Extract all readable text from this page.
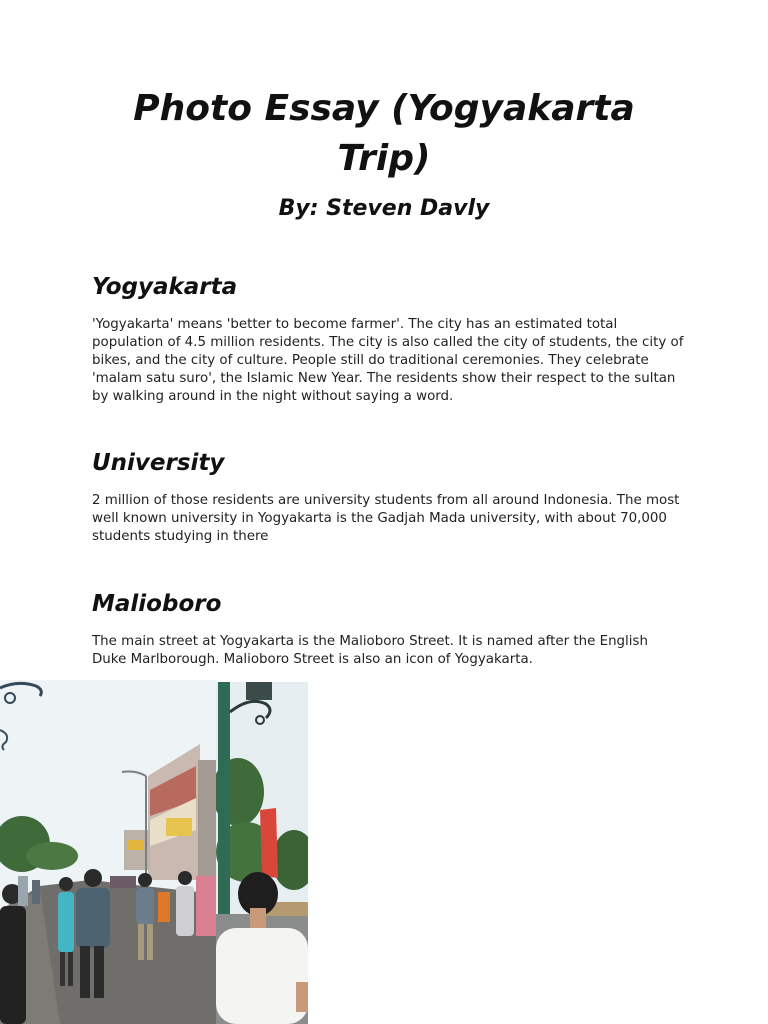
Photo Essay (Yogyakarta Trip)
By: Steven Davly
Yogyakarta

'Yogyakarta' means 'better to become farmer'. The city has an estimated total population of 4.5 million residents. The city is also called the city of students, the city of bikes, and the city of culture. People still do traditional ceremonies. They celebrate 'malam satu suro', the Islamic New Year. The residents show their respect to the sultan by walking around in the night without saying a word.

University

2 million of those residents are university students from all around Indonesia. The most well known university in Yogyakarta is the Gadjah Mada university, with about 70,000 students studying in there

Malioboro

The main street at Yogyakarta is the Malioboro Street. It is named after the English Duke Marlborough. Malioboro Street is also an icon of Yogyakarta.
